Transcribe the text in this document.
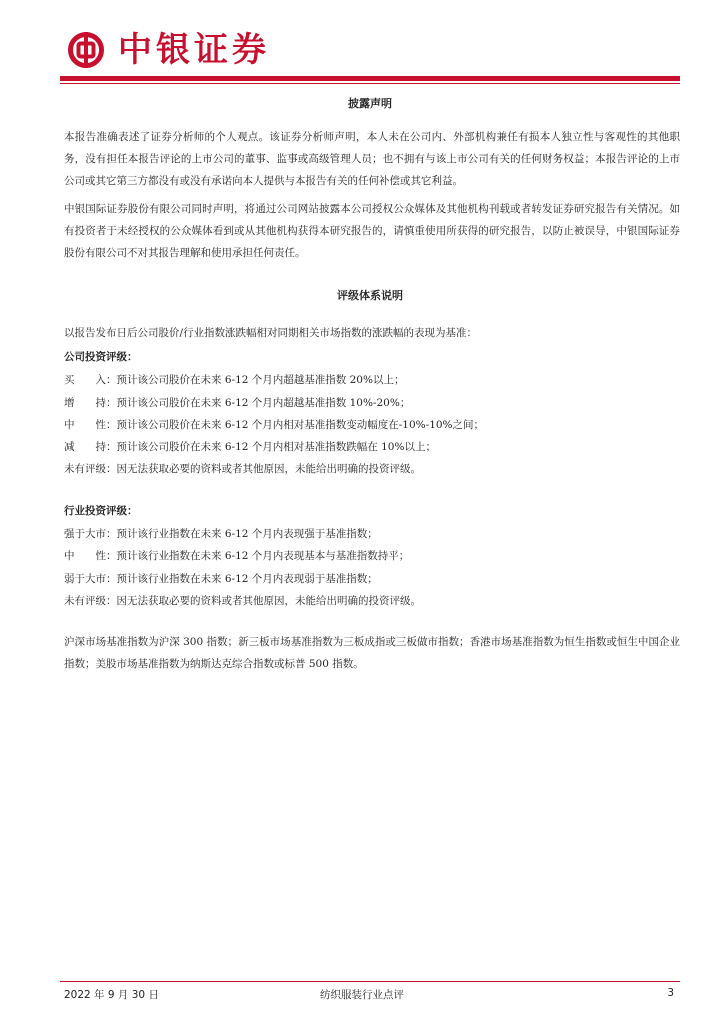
中银证券
披露声明

本报告准确表述了证券分析师的个人观点。该证券分析师声明，本人未在公司内、外部机构兼任有损本人独立性与客观性的其他职务，没有担任本报告评论的上市公司的董事、监事或高级管理人员；也不拥有与该上市公司有关的任何财务权益；本报告评论的上市公司或其它第三方都没有或没有承诺向本人提供与本报告有关的任何补偿或其它利益。

中银国际证券股份有限公司同时声明，将通过公司网站披露本公司授权公众媒体及其他机构刊载或者转发证券研究报告有关情况。如有投资者于未经授权的公众媒体看到或从其他机构获得本研究报告的，请慎重使用所获得的研究报告，以防止被误导，中银国际证券股份有限公司不对其报告理解和使用承担任何责任。

评级体系说明
以报告发布日后公司股价/行业指数涨跌幅相对同期相关市场指数的涨跌幅的表现为基准：
公司投资评级：
买　　入：预计该公司股价在未来 6-12 个月内超越基准指数 20%以上；
增　　持：预计该公司股价在未来 6-12 个月内超越基准指数 10%-20%；
中　　性：预计该公司股价在未来 6-12 个月内相对基准指数变动幅度在-10%-10%之间；
减　　持：预计该公司股价在未来 6-12 个月内相对基准指数跌幅在 10%以上；
未有评级：因无法获取必要的资料或者其他原因，未能给出明确的投资评级。
行业投资评级：
强于大市：预计该行业指数在未来 6-12 个月内表现强于基准指数；
中　　性：预计该行业指数在未来 6-12 个月内表现基本与基准指数持平；
弱于大市：预计该行业指数在未来 6-12 个月内表现弱于基准指数；
未有评级：因无法获取必要的资料或者其他原因，未能给出明确的投资评级。

沪深市场基准指数为沪深 300 指数；新三板市场基准指数为三板成指或三板做市指数；香港市场基准指数为恒生指数或恒生中国企业指数；美股市场基准指数为纳斯达克综合指数或标普 500 指数。

2022 年 9 月 30 日	纺织服装行业点评	3
